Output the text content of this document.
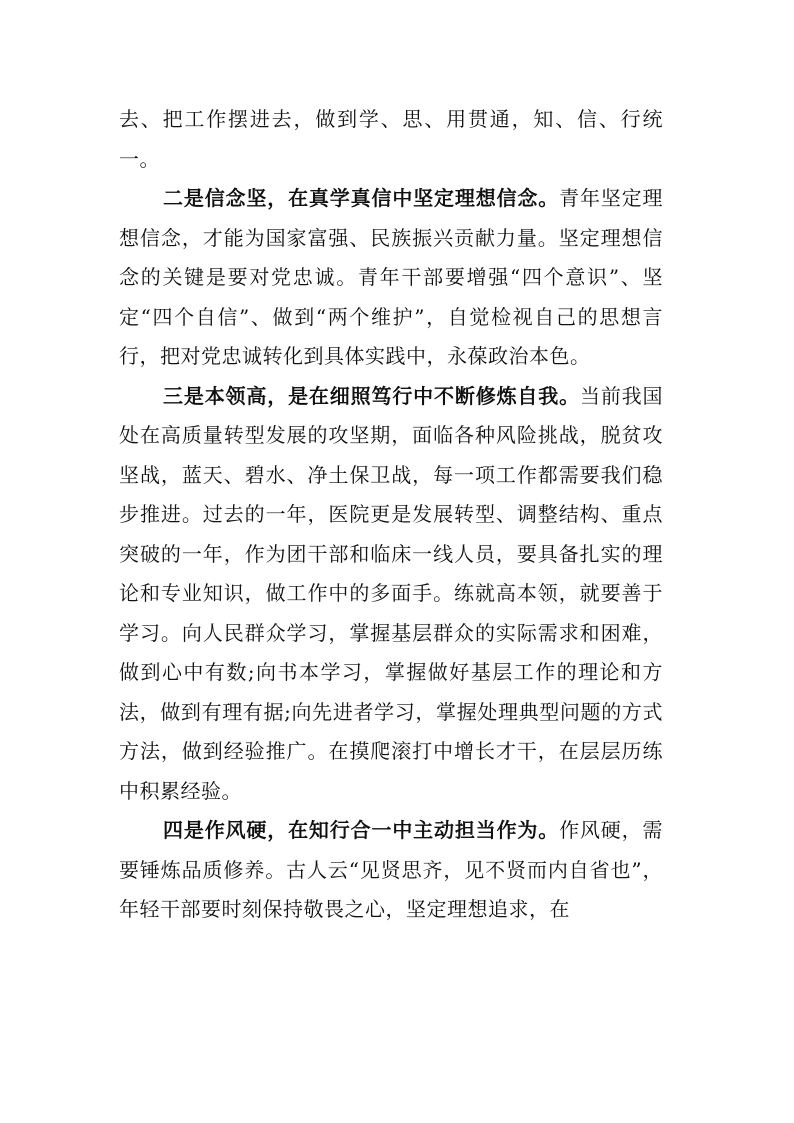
去、把工作摆进去，做到学、思、用贯通，知、信、行统一。

二是信念坚，在真学真信中坚定理想信念。青年坚定理想信念，才能为国家富强、民族振兴贡献力量。坚定理想信念的关键是要对党忠诚。青年干部要增强“四个意识”、坚定“四个自信”、做到“两个维护”，自觉检视自己的思想言行，把对党忠诚转化到具体实践中，永葆政治本色。

三是本领高，是在细照笃行中不断修炼自我。当前我国处在高质量转型发展的攻坚期，面临各种风险挑战，脱贫攻坚战，蓝天、碧水、净土保卫战，每一项工作都需要我们稳步推进。过去的一年，医院更是发展转型、调整结构、重点突破的一年，作为团干部和临床一线人员，要具备扎实的理论和专业知识，做工作中的多面手。练就高本领，就要善于学习。向人民群众学习，掌握基层群众的实际需求和困难，做到心中有数;向书本学习，掌握做好基层工作的理论和方法，做到有理有据;向先进者学习，掌握处理典型问题的方式方法，做到经验推广。在摸爬滚打中增长才干，在层层历练中积累经验。

四是作风硬，在知行合一中主动担当作为。作风硬，需要锤炼品质修养。古人云“见贤思齐，见不贤而内自省也”，年轻干部要时刻保持敬畏之心，坚定理想追求，在
